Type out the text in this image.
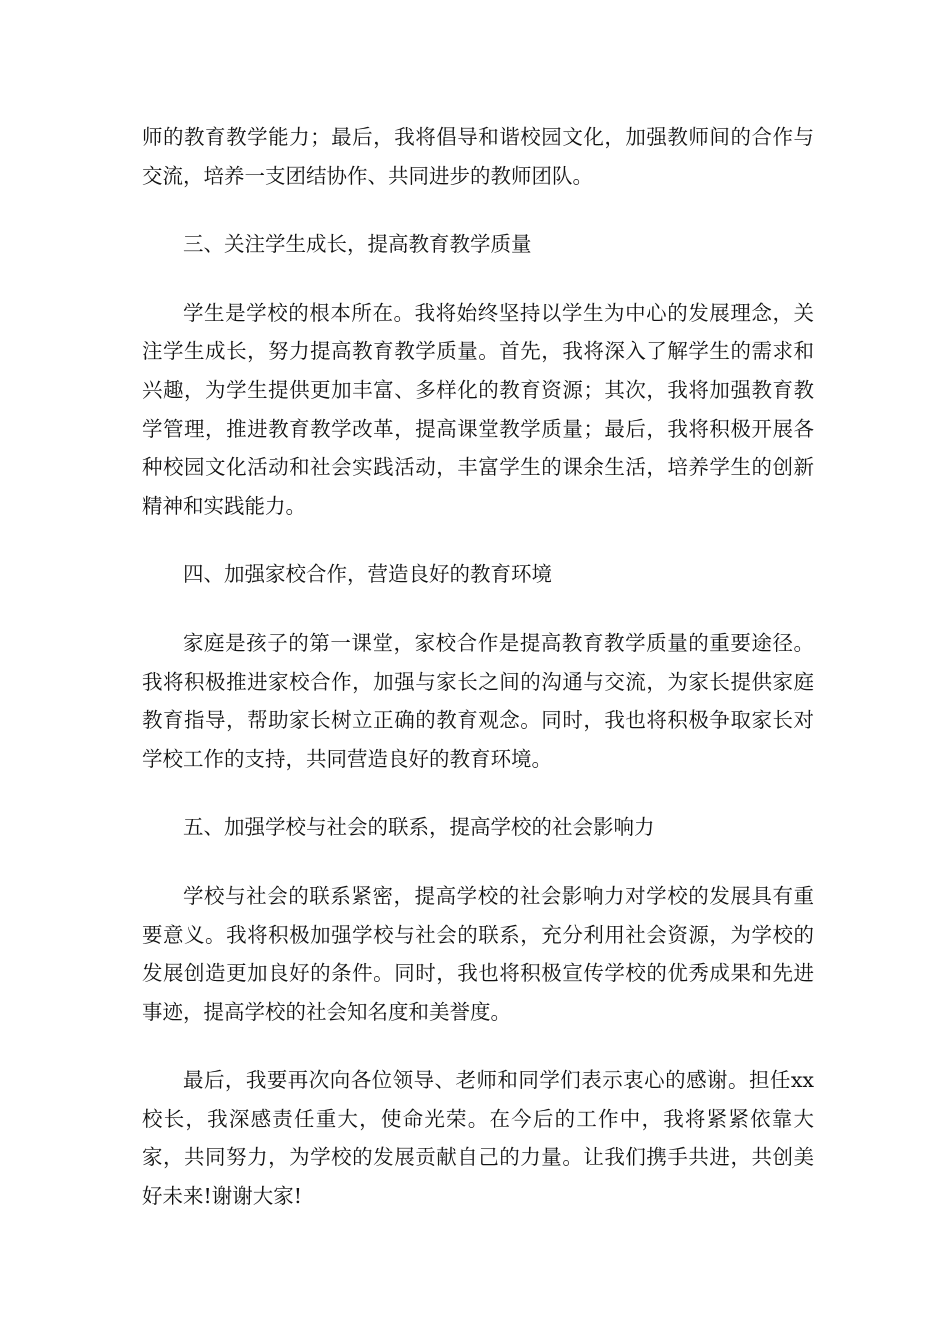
师的教育教学能力；最后，我将倡导和谐校园文化，加强教师间的合作与交流，培养一支团结协作、共同进步的教师团队。

三、关注学生成长，提高教育教学质量

学生是学校的根本所在。我将始终坚持以学生为中心的发展理念，关注学生成长，努力提高教育教学质量。首先，我将深入了解学生的需求和兴趣，为学生提供更加丰富、多样化的教育资源；其次，我将加强教育教学管理，推进教育教学改革，提高课堂教学质量；最后，我将积极开展各种校园文化活动和社会实践活动，丰富学生的课余生活，培养学生的创新精神和实践能力。

四、加强家校合作，营造良好的教育环境

家庭是孩子的第一课堂，家校合作是提高教育教学质量的重要途径。我将积极推进家校合作，加强与家长之间的沟通与交流，为家长提供家庭教育指导，帮助家长树立正确的教育观念。同时，我也将积极争取家长对学校工作的支持，共同营造良好的教育环境。

五、加强学校与社会的联系，提高学校的社会影响力

学校与社会的联系紧密，提高学校的社会影响力对学校的发展具有重要意义。我将积极加强学校与社会的联系，充分利用社会资源，为学校的发展创造更加良好的条件。同时，我也将积极宣传学校的优秀成果和先进事迹，提高学校的社会知名度和美誉度。

最后，我要再次向各位领导、老师和同学们表示衷心的感谢。担任xx校长，我深感责任重大，使命光荣。在今后的工作中，我将紧紧依靠大家，共同努力，为学校的发展贡献自己的力量。让我们携手共进，共创美好未来!谢谢大家!
